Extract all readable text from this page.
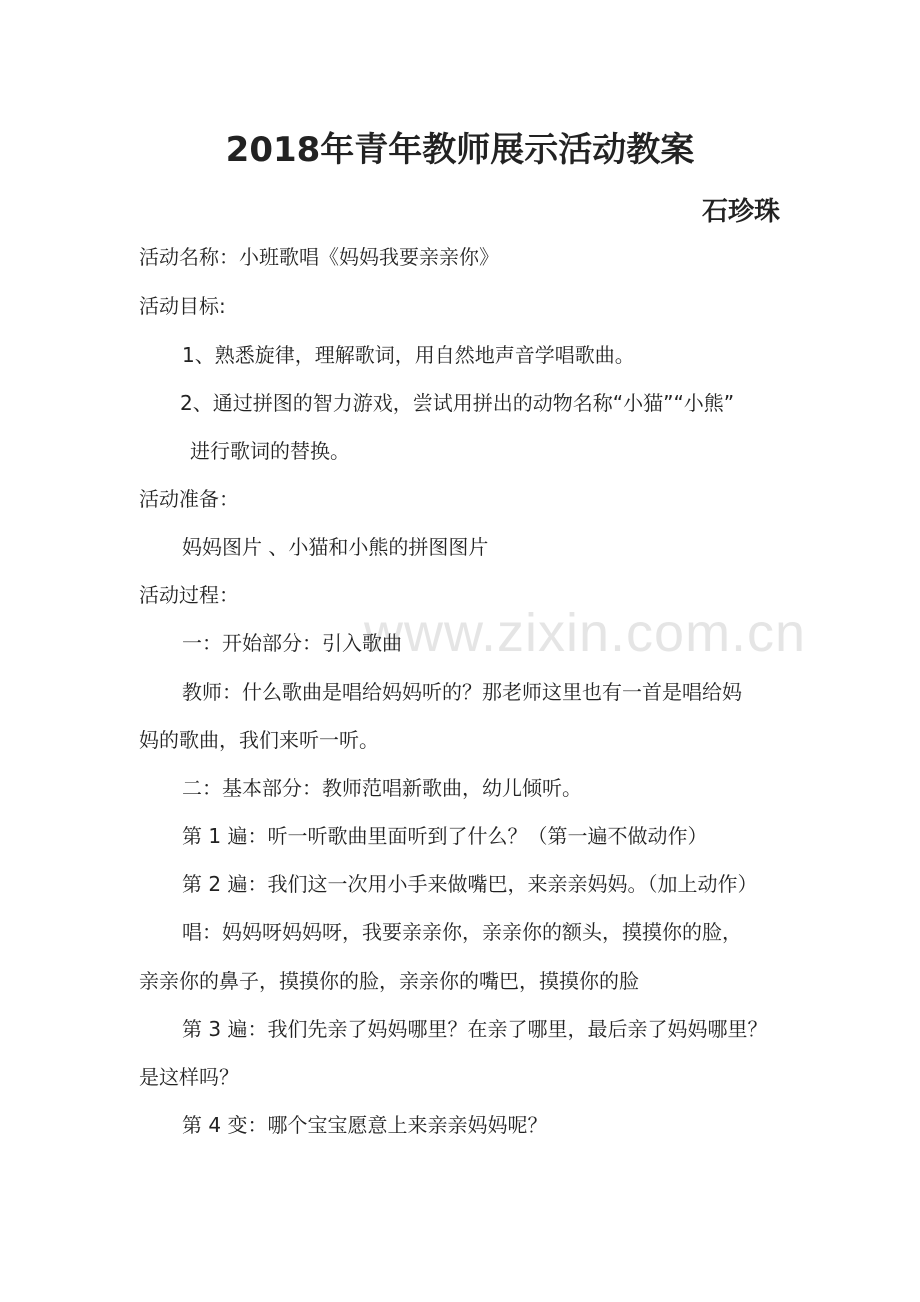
www.zixin.com.cn
2018年青年教师展示活动教案
石珍珠
活动名称：小班歌唱《妈妈我要亲亲你》
活动目标:
1、熟悉旋律，理解歌词，用自然地声音学唱歌曲。
2、通过拼图的智力游戏，尝试用拼出的动物名称“小猫”“小熊”
进行歌词的替换。
活动准备：
妈妈图片 、小猫和小熊的拼图图片
活动过程：
一：开始部分：引入歌曲
教师：什么歌曲是唱给妈妈听的？那老师这里也有一首是唱给妈
妈的歌曲，我们来听一听。
二：基本部分：教师范唱新歌曲，幼儿倾听。
第 1 遍：听一听歌曲里面听到了什么？（第一遍不做动作）
第 2 遍：我们这一次用小手来做嘴巴，来亲亲妈妈。（加上动作）
唱：妈妈呀妈妈呀，我要亲亲你，亲亲你的额头，摸摸你的脸，
亲亲你的鼻子，摸摸你的脸，亲亲你的嘴巴，摸摸你的脸
第 3 遍：我们先亲了妈妈哪里？在亲了哪里，最后亲了妈妈哪里？
是这样吗？
第 4 变：哪个宝宝愿意上来亲亲妈妈呢？
